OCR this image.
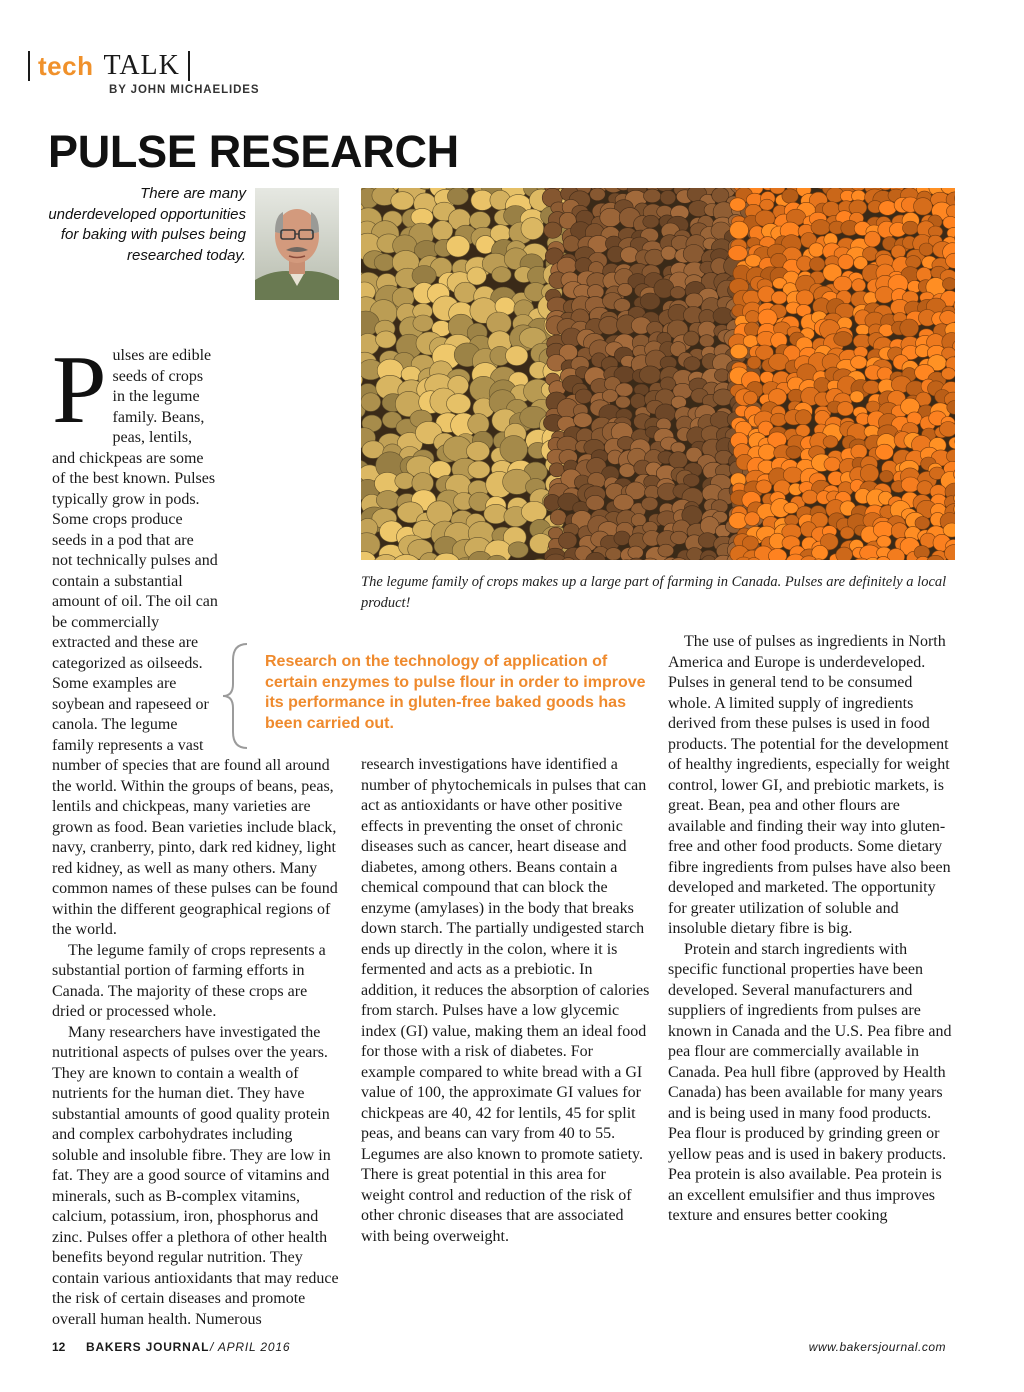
tech TALK
BY JOHN MICHAELIDES
PULSE RESEARCH
There are many underdeveloped opportunities for baking with pulses being researched today.
The legume family of crops makes up a large part of farming in Canada. Pulses are definitely a local product!
P ulses are edible seeds of crops in the legume family. Beans, peas, lentils, and chickpeas are some of the best known. Pulses typically grow in pods. Some crops produce seeds in a pod that are not technically pulses and contain a substantial amount of oil. The oil can be commercially extracted and these are categorized as oilseeds. Some examples are soybean and rapeseed or canola. The legume family represents a vast number of species that are found all around the world. Within the groups of beans, peas, lentils and chickpeas, many varieties are grown as food. Bean varieties include black, navy, cranberry, pinto, dark red kidney, light red kidney, as well as many others. Many common names of these pulses can be found within the different geographical regions of the world.

The legume family of crops represents a substantial portion of farming efforts in Canada. The majority of these crops are dried or processed whole.

Many researchers have investigated the nutritional aspects of pulses over the years. They are known to contain a wealth of nutrients for the human diet. They have substantial amounts of good quality protein and complex carbohydrates including soluble and insoluble fibre. They are low in fat. They are a good source of vitamins and minerals, such as B-complex vitamins, calcium, potassium, iron, phosphorus and zinc. Pulses offer a plethora of other health benefits beyond regular nutrition. They contain various antioxidants that may reduce the risk of certain diseases and promote overall human health. Numerous

Research on the technology of application of certain enzymes to pulse flour in order to improve its performance in gluten-free baked goods has been carried out.

research investigations have identified a number of phytochemicals in pulses that can act as antioxidants or have other positive effects in preventing the onset of chronic diseases such as cancer, heart disease and diabetes, among others. Beans contain a chemical compound that can block the enzyme (amylases) in the body that breaks down starch. The partially undigested starch ends up directly in the colon, where it is fermented and acts as a prebiotic. In addition, it reduces the absorption of calories from starch. Pulses have a low glycemic index (GI) value, making them an ideal food for those with a risk of diabetes. For example compared to white bread with a GI value of 100, the approximate GI values for chickpeas are 40, 42 for lentils, 45 for split peas, and beans can vary from 40 to 55. Legumes are also known to promote satiety. There is great potential in this area for weight control and reduction of the risk of other chronic diseases that are associated with being overweight.

The use of pulses as ingredients in North America and Europe is underdeveloped. Pulses in general tend to be consumed whole. A limited supply of ingredients derived from these pulses is used in food products. The potential for the development of healthy ingredients, especially for weight control, lower GI, and prebiotic markets, is great. Bean, pea and other flours are available and finding their way into gluten-free and other food products. Some dietary fibre ingredients from pulses have also been developed and marketed. The opportunity for greater utilization of soluble and insoluble dietary fibre is big.

Protein and starch ingredients with specific functional properties have been developed. Several manufacturers and suppliers of ingredients from pulses are known in Canada and the U.S. Pea fibre and pea flour are commercially available in Canada. Pea hull fibre (approved by Health Canada) has been available for many years and is being used in many food products. Pea flour is produced by grinding green or yellow peas and is used in bakery products. Pea protein is also available. Pea protein is an excellent emulsifier and thus improves texture and ensures better cooking

12 BAKERS JOURNAL / APRIL 2016	www.bakersjournal.com
